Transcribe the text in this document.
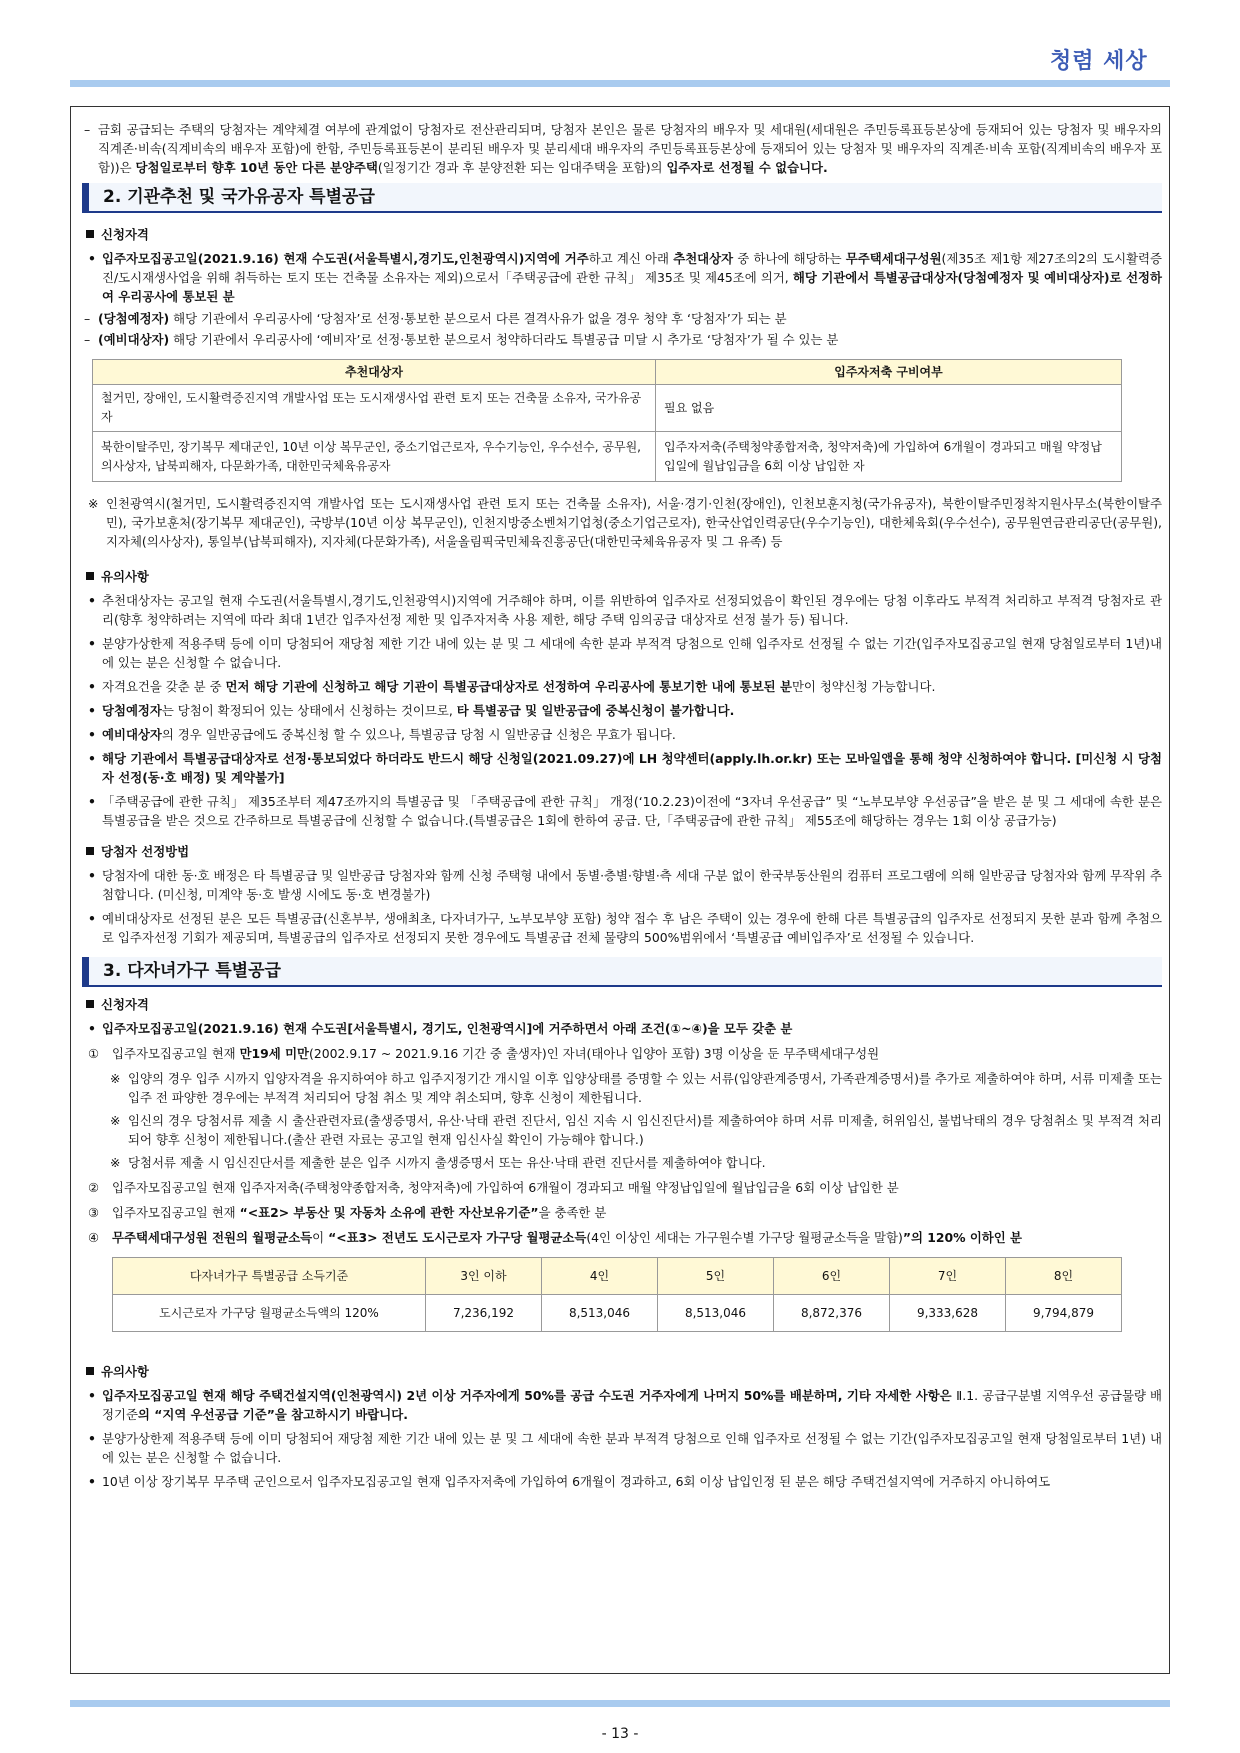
청렴 세상

– 금회 공급되는 주택의 당첨자는 계약체결 여부에 관계없이 당첨자로 전산관리되며, 당첨자 본인은 물론 당첨자의 배우자 및 세대원(세대원은 주민등록표등본상에 등재되어 있는 당첨자 및 배우자의 직계존·비속(직계비속의 배우자 포함)에 한함, 주민등록표등본이 분리된 배우자 및 분리세대 배우자의 주민등록표등본상에 등재되어 있는 당첨자 및 배우자의 직계존·비속 포함(직계비속의 배우자 포함))은 당첨일로부터 향후 10년 동안 다른 분양주택(일정기간 경과 후 분양전환 되는 임대주택을 포함)의 입주자로 선정될 수 없습니다.

2. 기관추천 및 국가유공자 특별공급
신청자격

• 입주자모집공고일(2021.9.16) 현재 수도권(서울특별시,경기도,인천광역시)지역에 거주하고 계신 아래 추천대상자 중 하나에 해당하는 무주택세대구성원(제35조 제1항 제27조의2의 도시활력증진/도시재생사업을 위해 취득하는 토지 또는 건축물 소유자는 제외)으로서「주택공급에 관한 규칙」 제35조 및 제45조에 의거, 해당 기관에서 특별공급대상자(당첨예정자 및 예비대상자)로 선정하여 우리공사에 통보된 분

– (당첨예정자) 해당 기관에서 우리공사에 ‘당첨자’로 선정·통보한 분으로서 다른 결격사유가 없을 경우 청약 후 ‘당첨자’가 되는 분

– (예비대상자) 해당 기관에서 우리공사에 ‘예비자’로 선정·통보한 분으로서 청약하더라도 특별공급 미달 시 추가로 ‘당첨자’가 될 수 있는 분

추천대상자	입주자저축 구비여부
철거민, 장애인, 도시활력증진지역 개발사업 또는 도시재생사업 관련 토지 또는 건축물 소유자, 국가유공자	필요 없음
북한이탈주민, 장기복무 제대군인, 10년 이상 복무군인, 중소기업근로자, 우수기능인, 우수선수, 공무원, 의사상자, 납북피해자, 다문화가족, 대한민국체육유공자	입주자저축(주택청약종합저축, 청약저축)에 가입하여 6개월이 경과되고 매월 약정납입일에 월납입금을 6회 이상 납입한 자

※ 인천광역시(철거민, 도시활력증진지역 개발사업 또는 도시재생사업 관련 토지 또는 건축물 소유자), 서울·경기·인천(장애인), 인천보훈지청(국가유공자), 북한이탈주민정착지원사무소(북한이탈주민), 국가보훈처(장기복무 제대군인), 국방부(10년 이상 복무군인), 인천지방중소벤처기업청(중소기업근로자), 한국산업인력공단(우수기능인), 대한체육회(우수선수), 공무원연금관리공단(공무원), 지자체(의사상자), 통일부(납북피해자), 지자체(다문화가족), 서울올림픽국민체육진흥공단(대한민국체육유공자 및 그 유족) 등

유의사항

• 추천대상자는 공고일 현재 수도권(서울특별시,경기도,인천광역시)지역에 거주해야 하며, 이를 위반하여 입주자로 선정되었음이 확인된 경우에는 당첨 이후라도 부적격 처리하고 부적격 당첨자로 관리(향후 청약하려는 지역에 따라 최대 1년간 입주자선정 제한 및 입주자저축 사용 제한, 해당 주택 임의공급 대상자로 선정 불가 등) 됩니다.

• 분양가상한제 적용주택 등에 이미 당첨되어 재당첨 제한 기간 내에 있는 분 및 그 세대에 속한 분과 부적격 당첨으로 인해 입주자로 선정될 수 없는 기간(입주자모집공고일 현재 당첨일로부터 1년)내에 있는 분은 신청할 수 없습니다.

• 자격요건을 갖춘 분 중 먼저 해당 기관에 신청하고 해당 기관이 특별공급대상자로 선정하여 우리공사에 통보기한 내에 통보된 분만이 청약신청 가능합니다.

• 당첨예정자는 당첨이 확정되어 있는 상태에서 신청하는 것이므로, 타 특별공급 및 일반공급에 중복신청이 불가합니다.

• 예비대상자의 경우 일반공급에도 중복신청 할 수 있으나, 특별공급 당첨 시 일반공급 신청은 무효가 됩니다.

• 해당 기관에서 특별공급대상자로 선정·통보되었다 하더라도 반드시 해당 신청일(2021.09.27)에 LH 청약센터(apply.lh.or.kr) 또는 모바일앱을 통해 청약 신청하여야 합니다. [미신청 시 당첨자 선정(동·호 배정) 및 계약불가]

• 「주택공급에 관한 규칙」 제35조부터 제47조까지의 특별공급 및 「주택공급에 관한 규칙」 개정(‘10.2.23)이전에 “3자녀 우선공급” 및 “노부모부양 우선공급”을 받은 분 및 그 세대에 속한 분은 특별공급을 받은 것으로 간주하므로 특별공급에 신청할 수 없습니다.(특별공급은 1회에 한하여 공급. 단,「주택공급에 관한 규칙」 제55조에 해당하는 경우는 1회 이상 공급가능)

당첨자 선정방법

• 당첨자에 대한 동·호 배정은 타 특별공급 및 일반공급 당첨자와 함께 신청 주택형 내에서 동별·층별·향별·측 세대 구분 없이 한국부동산원의 컴퓨터 프로그램에 의해 일반공급 당첨자와 함께 무작위 추첨합니다. (미신청, 미계약 동·호 발생 시에도 동·호 변경불가)

• 예비대상자로 선정된 분은 모든 특별공급(신혼부부, 생애최초, 다자녀가구, 노부모부양 포함) 청약 접수 후 남은 주택이 있는 경우에 한해 다른 특별공급의 입주자로 선정되지 못한 분과 함께 추첨으로 입주자선정 기회가 제공되며, 특별공급의 입주자로 선정되지 못한 경우에도 특별공급 전체 물량의 500%범위에서 ‘특별공급 예비입주자’로 선정될 수 있습니다.

3. 다자녀가구 특별공급
신청자격

• 입주자모집공고일(2021.9.16) 현재 수도권[서울특별시, 경기도, 인천광역시]에 거주하면서 아래 조건(①~④)을 모두 갖춘 분

① 입주자모집공고일 현재 만19세 미만(2002.9.17 ~ 2021.9.16 기간 중 출생자)인 자녀(태아나 입양아 포함) 3명 이상을 둔 무주택세대구성원

※ 입양의 경우 입주 시까지 입양자격을 유지하여야 하고 입주지정기간 개시일 이후 입양상태를 증명할 수 있는 서류(입양관계증명서, 가족관계증명서)를 추가로 제출하여야 하며, 서류 미제출 또는 입주 전 파양한 경우에는 부적격 처리되어 당첨 취소 및 계약 취소되며, 향후 신청이 제한됩니다.

※ 임신의 경우 당첨서류 제출 시 출산관련자료(출생증명서, 유산·낙태 관련 진단서, 임신 지속 시 임신진단서)를 제출하여야 하며 서류 미제출, 허위임신, 불법낙태의 경우 당첨취소 및 부적격 처리되어 향후 신청이 제한됩니다.(출산 관련 자료는 공고일 현재 임신사실 확인이 가능해야 합니다.)

※ 당첨서류 제출 시 임신진단서를 제출한 분은 입주 시까지 출생증명서 또는 유산·낙태 관련 진단서를 제출하여야 합니다.

② 입주자모집공고일 현재 입주자저축(주택청약종합저축, 청약저축)에 가입하여 6개월이 경과되고 매월 약정납입일에 월납입금을 6회 이상 납입한 분

③ 입주자모집공고일 현재 “<표2> 부동산 및 자동차 소유에 관한 자산보유기준”을 충족한 분

④ 무주택세대구성원 전원의 월평균소득이 “<표3> 전년도 도시근로자 가구당 월평균소득(4인 이상인 세대는 가구원수별 가구당 월평균소득을 말함)”의 120% 이하인 분

다자녀가구 특별공급 소득기준	3인 이하	4인	5인	6인	7인	8인
도시근로자 가구당 월평균소득액의 120%	7,236,192	8,513,046	8,513,046	8,872,376	9,333,628	9,794,879
유의사항

• 입주자모집공고일 현재 해당 주택건설지역(인천광역시) 2년 이상 거주자에게 50%를 공급 수도권 거주자에게 나머지 50%를 배분하며, 기타 자세한 사항은 Ⅱ.1. 공급구분별 지역우선 공급물량 배정기준의 “지역 우선공급 기준”을 참고하시기 바랍니다.

• 분양가상한제 적용주택 등에 이미 당첨되어 재당첨 제한 기간 내에 있는 분 및 그 세대에 속한 분과 부적격 당첨으로 인해 입주자로 선정될 수 없는 기간(입주자모집공고일 현재 당첨일로부터 1년) 내에 있는 분은 신청할 수 없습니다.

• 10년 이상 장기복무 무주택 군인으로서 입주자모집공고일 현재 입주자저축에 가입하여 6개월이 경과하고, 6회 이상 납입인정 된 분은 해당 주택건설지역에 거주하지 아니하여도

- 13 -
